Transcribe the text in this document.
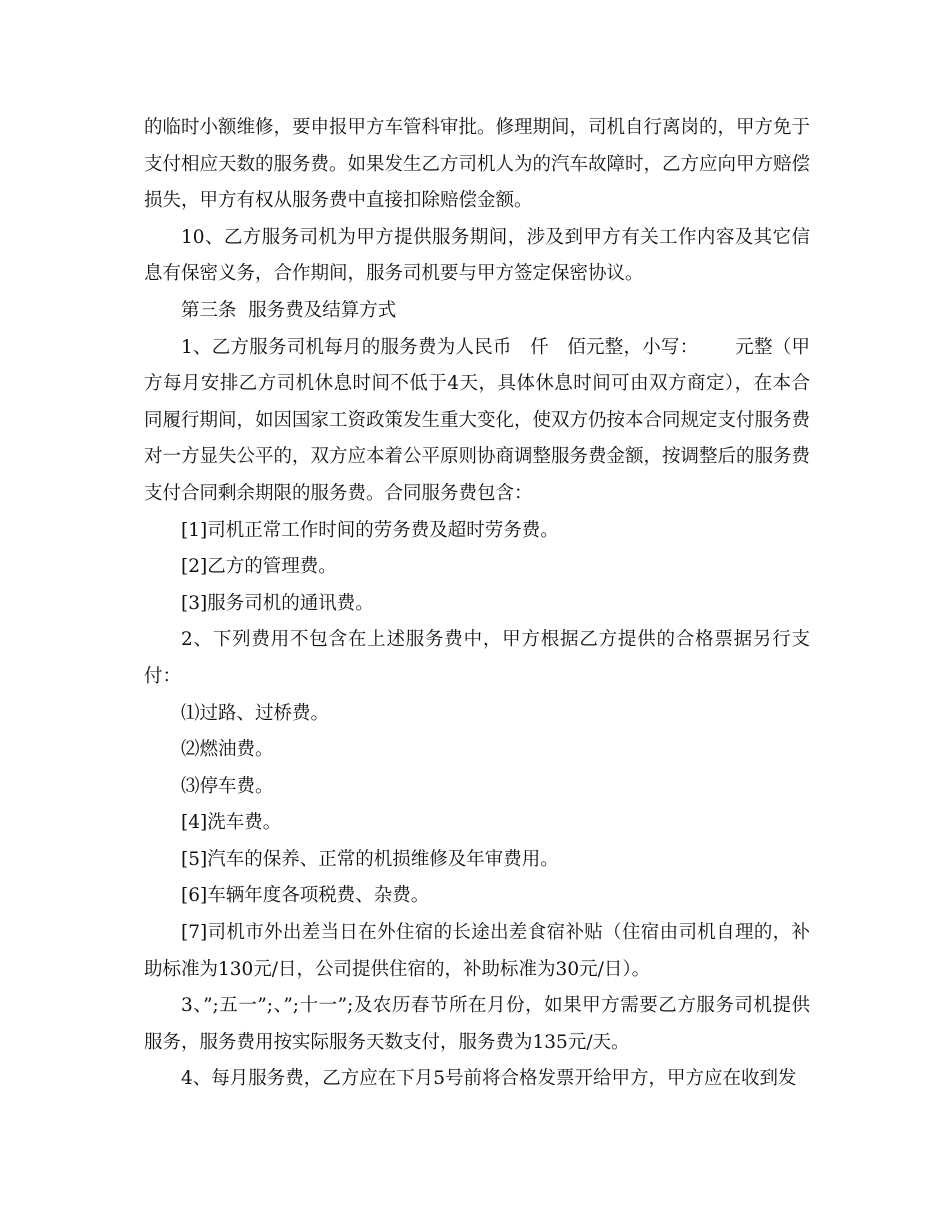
的临时小额维修，要申报甲方车管科审批。修理期间，司机自行离岗的，甲方免于支付相应天数的服务费。如果发生乙方司机人为的汽车故障时，乙方应向甲方赔偿损失，甲方有权从服务费中直接扣除赔偿金额。

10、乙方服务司机为甲方提供服务期间，涉及到甲方有关工作内容及其它信息有保密义务，合作期间，服务司机要与甲方签定保密协议。

第三条  服务费及结算方式

1、乙方服务司机每月的服务费为人民币   仟   佰元整，小写：      元整（甲方每月安排乙方司机休息时间不低于4天，具体休息时间可由双方商定），在本合同履行期间，如因国家工资政策发生重大变化，使双方仍按本合同规定支付服务费对一方显失公平的，双方应本着公平原则协商调整服务费金额，按调整后的服务费支付合同剩余期限的服务费。合同服务费包含：

[1]司机正常工作时间的劳务费及超时劳务费。

[2]乙方的管理费。

[3]服务司机的通讯费。

2、下列费用不包含在上述服务费中，甲方根据乙方提供的合格票据另行支付：

⑴过路、过桥费。

⑵燃油费。

⑶停车费。

[4]洗车费。

[5]汽车的保养、正常的机损维修及年审费用。

[6]车辆年度各项税费、杂费。

[7]司机市外出差当日在外住宿的长途出差食宿补贴（住宿由司机自理的，补助标准为130元/日，公司提供住宿的，补助标准为30元/日）。

3、”;五一”;、”;十一”;及农历春节所在月份，如果甲方需要乙方服务司机提供服务，服务费用按实际服务天数支付，服务费为135元/天。

4、每月服务费，乙方应在下月5号前将合格发票开给甲方，甲方应在收到发
